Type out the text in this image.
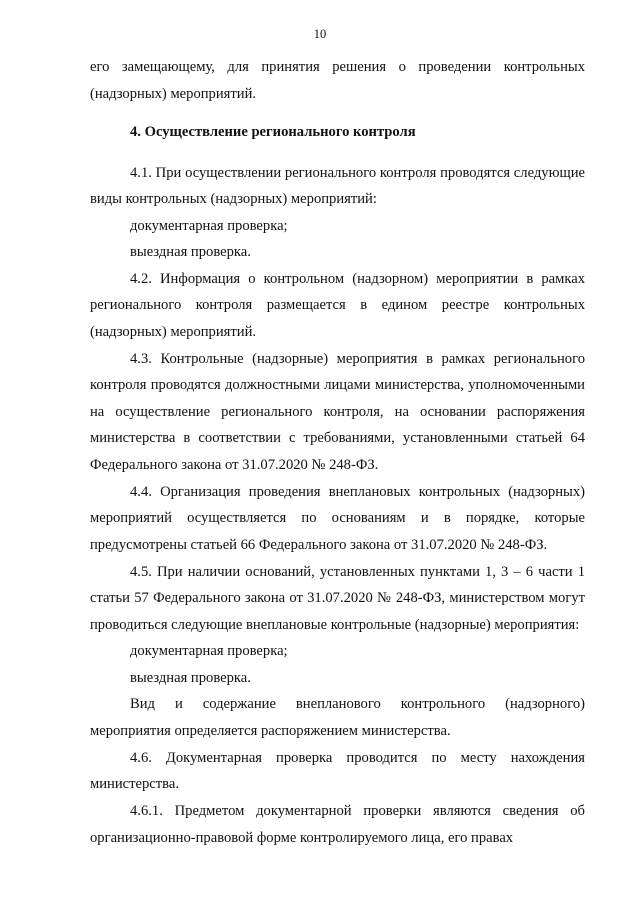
10

его замещающему, для принятия решения о проведении контрольных (надзорных) мероприятий.

4. Осуществление регионального контроля

4.1. При осуществлении регионального контроля проводятся следующие виды контрольных (надзорных) мероприятий:

документарная проверка;

выездная проверка.

4.2. Информация о контрольном (надзорном) мероприятии в рамках регионального контроля размещается в едином реестре контрольных (надзорных) мероприятий.

4.3. Контрольные (надзорные) мероприятия в рамках регионального контроля проводятся должностными лицами министерства, уполномоченными на осуществление регионального контроля, на основании распоряжения министерства в соответствии с требованиями, установленными статьей 64 Федерального закона от 31.07.2020 № 248-ФЗ.

4.4. Организация проведения внеплановых контрольных (надзорных) мероприятий осуществляется по основаниям и в порядке, которые предусмотрены статьей 66 Федерального закона от 31.07.2020 № 248-ФЗ.

4.5. При наличии оснований, установленных пунктами 1, 3 – 6 части 1 статьи 57 Федерального закона от 31.07.2020 № 248-ФЗ, министерством могут проводиться следующие внеплановые контрольные (надзорные) мероприятия:

документарная проверка;

выездная проверка.

Вид и содержание внепланового контрольного (надзорного) мероприятия определяется распоряжением министерства.

4.6. Документарная проверка проводится по месту нахождения министерства.

4.6.1. Предметом документарной проверки являются сведения об организационно-правовой форме контролируемого лица, его правах
